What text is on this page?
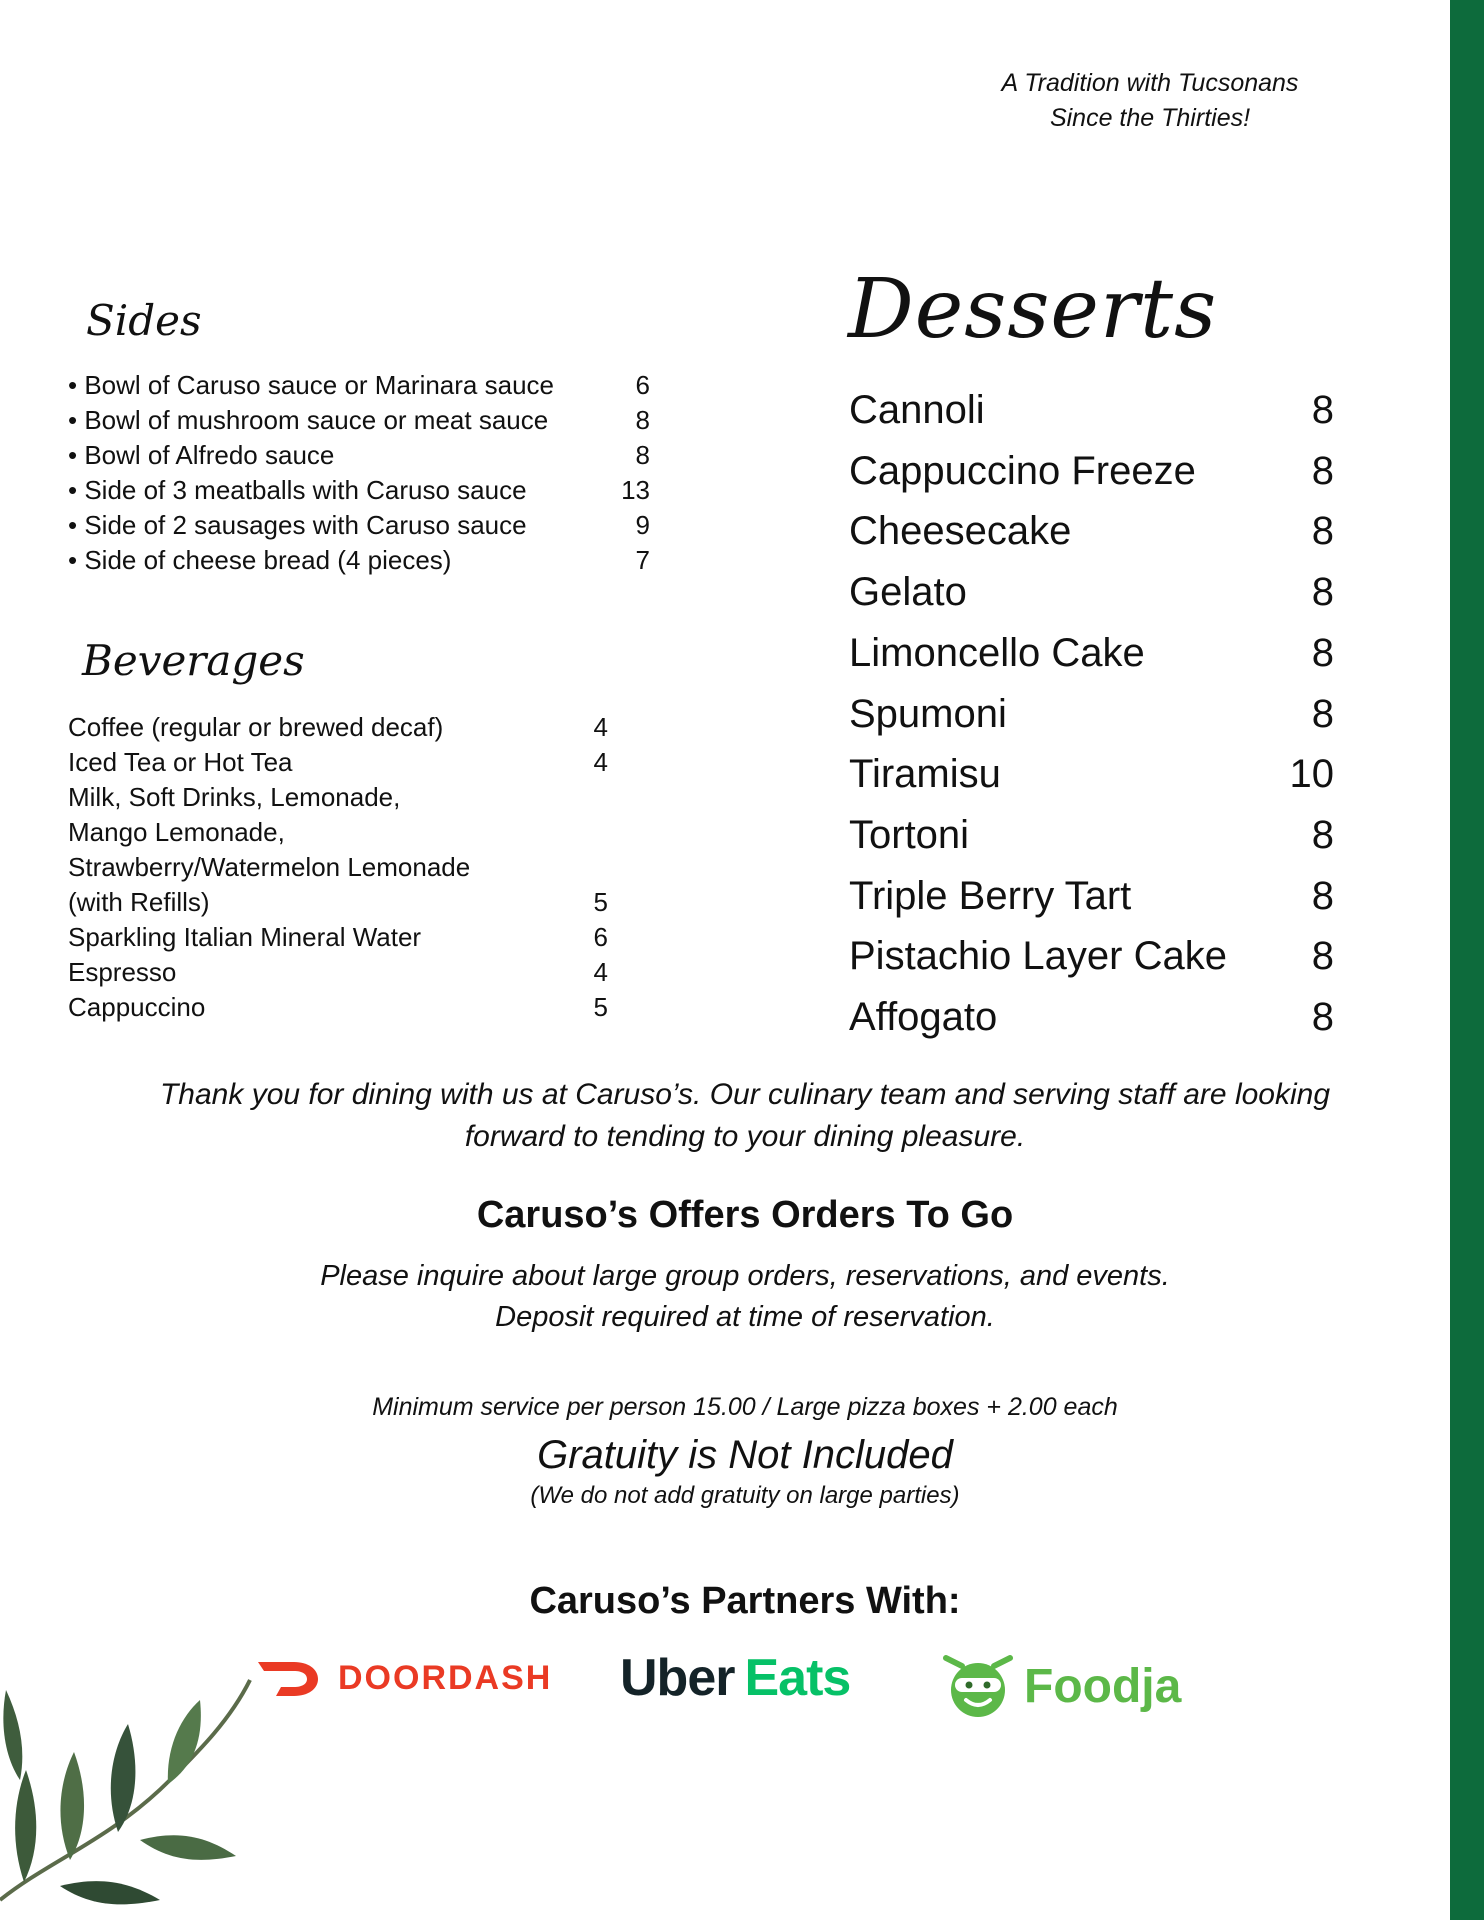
A Tradition with Tucsonans
Since the Thirties!
Sides
• Bowl of Caruso sauce or Marinara sauce	6
• Bowl of mushroom sauce or meat sauce	8
• Bowl of Alfredo sauce	8
• Side of 3 meatballs with Caruso sauce	13
• Side of 2 sausages with Caruso sauce	9
• Side of cheese bread (4 pieces)	7
Beverages
Coffee (regular or brewed decaf)	4
Iced Tea or Hot Tea	4
Milk, Soft Drinks, Lemonade,
Mango Lemonade,
Strawberry/Watermelon Lemonade
(with Refills)	5
Sparkling Italian Mineral Water	6
Espresso	4
Cappuccino	5
Desserts
Cannoli	8
Cappuccino Freeze	8
Cheesecake	8
Gelato	8
Limoncello Cake	8
Spumoni	8
Tiramisu	10
Tortoni	8
Triple Berry Tart	8
Pistachio Layer Cake	8
Affogato	8
Thank you for dining with us at Caruso’s. Our culinary team and serving staff are looking
forward to tending to your dining pleasure.
Caruso’s Offers Orders To Go
Please inquire about large group orders, reservations, and events.
Deposit required at time of reservation.
Minimum service per person 15.00 / Large pizza boxes + 2.00 each
Gratuity is Not Included
(We do not add gratuity on large parties)
Caruso’s Partners With:
DOORDASH Uber Eats	Foodja
